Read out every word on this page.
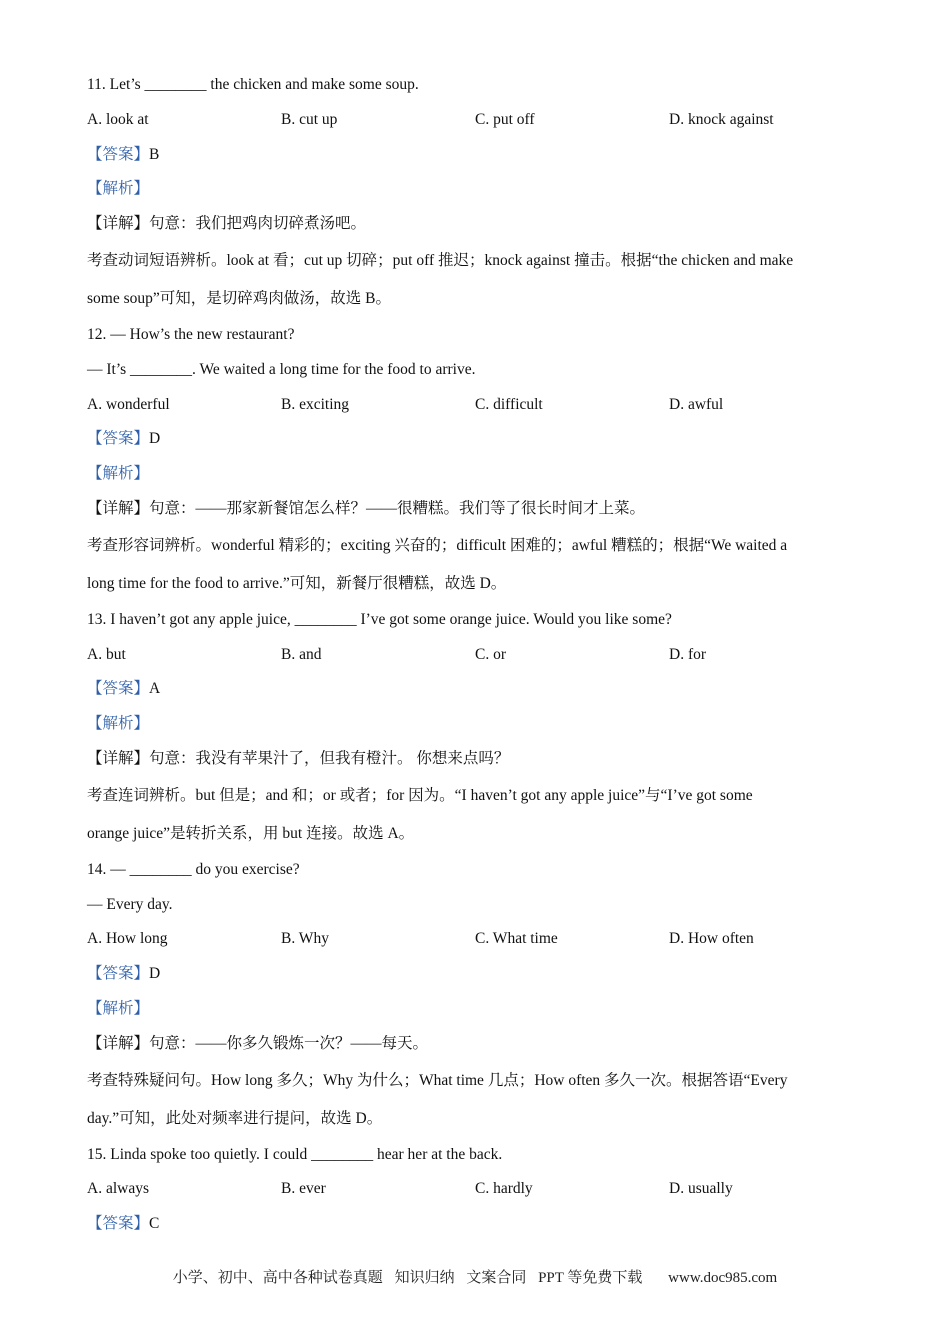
11. Let’s ________ the chicken and make some soup.
A. look at	B. cut up	C. put off	D. knock against
【答案】B
【解析】
【详解】句意：我们把鸡肉切碎煮汤吧。
考查动词短语辨析。look at 看；cut up 切碎；put off 推迟；knock against 撞击。根据“the chicken and make
some soup”可知，是切碎鸡肉做汤，故选 B。
12. — How’s the new restaurant?
— It’s ________. We waited a long time for the food to arrive.
A. wonderful	B. exciting	C. difficult	D. awful
【答案】D
【解析】
【详解】句意：——那家新餐馆怎么样？——很糟糕。我们等了很长时间才上菜。
考查形容词辨析。wonderful 精彩的；exciting 兴奋的；difficult 困难的；awful 糟糕的；根据“We waited a
long time for the food to arrive.”可知，新餐厅很糟糕，故选 D。
13. I haven’t got any apple juice, ________ I’ve got some orange juice. Would you like some?
A. but	B. and	C. or	D. for
【答案】A
【解析】
【详解】句意：我没有苹果汁了，但我有橙汁。 你想来点吗？
考查连词辨析。but 但是；and 和；or 或者；for 因为。“I haven’t got any apple juice”与“I’ve got some
orange juice”是转折关系，用 but 连接。故选 A。
14. — ________ do you exercise?
— Every day.
A. How long	B. Why	C. What time	D. How often
【答案】D
【解析】
【详解】句意：——你多久锻炼一次？——每天。
考查特殊疑问句。How long 多久；Why 为什么；What time 几点；How often 多久一次。根据答语“Every
day.”可知，此处对频率进行提问，故选 D。
15. Linda spoke too quietly. I could ________ hear her at the back.
A. always	B. ever	C. hardly	D. usually
【答案】C
小学、初中、高中各种试卷真题 知识归纳 文案合同 PPT 等免费下载 www.doc985.com
